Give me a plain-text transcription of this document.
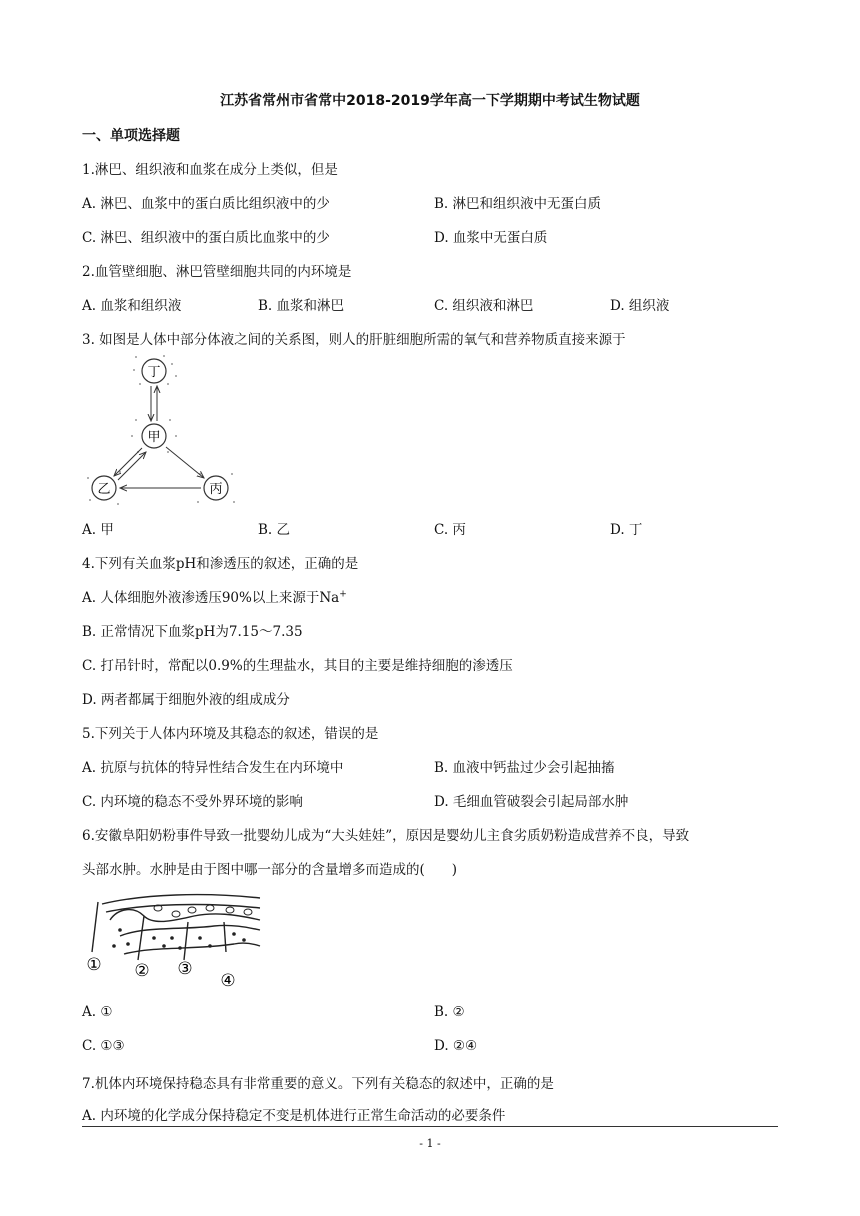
江苏省常州市省常中2018-2019学年高一下学期期中考试生物试题
一、单项选择题
1.淋巴、组织液和血浆在成分上类似，但是
A. 淋巴、血浆中的蛋白质比组织液中的少	B. 淋巴和组织液中无蛋白质
C. 淋巴、组织液中的蛋白质比血浆中的少	D. 血浆中无蛋白质
2.血管壁细胞、淋巴管壁细胞共同的内环境是
A. 血浆和组织液	B. 血浆和淋巴	C. 组织液和淋巴	D. 组织液
3. 如图是人体中部分体液之间的关系图，则人的肝脏细胞所需的氧气和营养物质直接来源于
丁
甲
乙	丙
A. 甲	B. 乙	C. 丙	D. 丁
4.下列有关血浆pH和渗透压的叙述，正确的是
A. 人体细胞外液渗透压90%以上来源于Na+
B. 正常情况下血浆pH为7.15～7.35
C. 打吊针时，常配以0.9%的生理盐水，其目的主要是维持细胞的渗透压
D. 两者都属于细胞外液的组成成分
5.下列关于人体内环境及其稳态的叙述，错误的是
A. 抗原与抗体的特异性结合发生在内环境中	B. 血液中钙盐过少会引起抽搐
C. 内环境的稳态不受外界环境的影响	D. 毛细血管破裂会引起局部水肿
6.安徽阜阳奶粉事件导致一批婴幼儿成为“大头娃娃”，原因是婴幼儿主食劣质奶粉造成营养不良，导致
头部水肿。水肿是由于图中哪一部分的含量增多而造成的(　　)
① ② ③
④
A. ①	B. ②
C. ①③	D. ②④
7.机体内环境保持稳态具有非常重要的意义。下列有关稳态的叙述中，正确的是
A. 内环境的化学成分保持稳定不变是机体进行正常生命活动的必要条件
- 1 -
